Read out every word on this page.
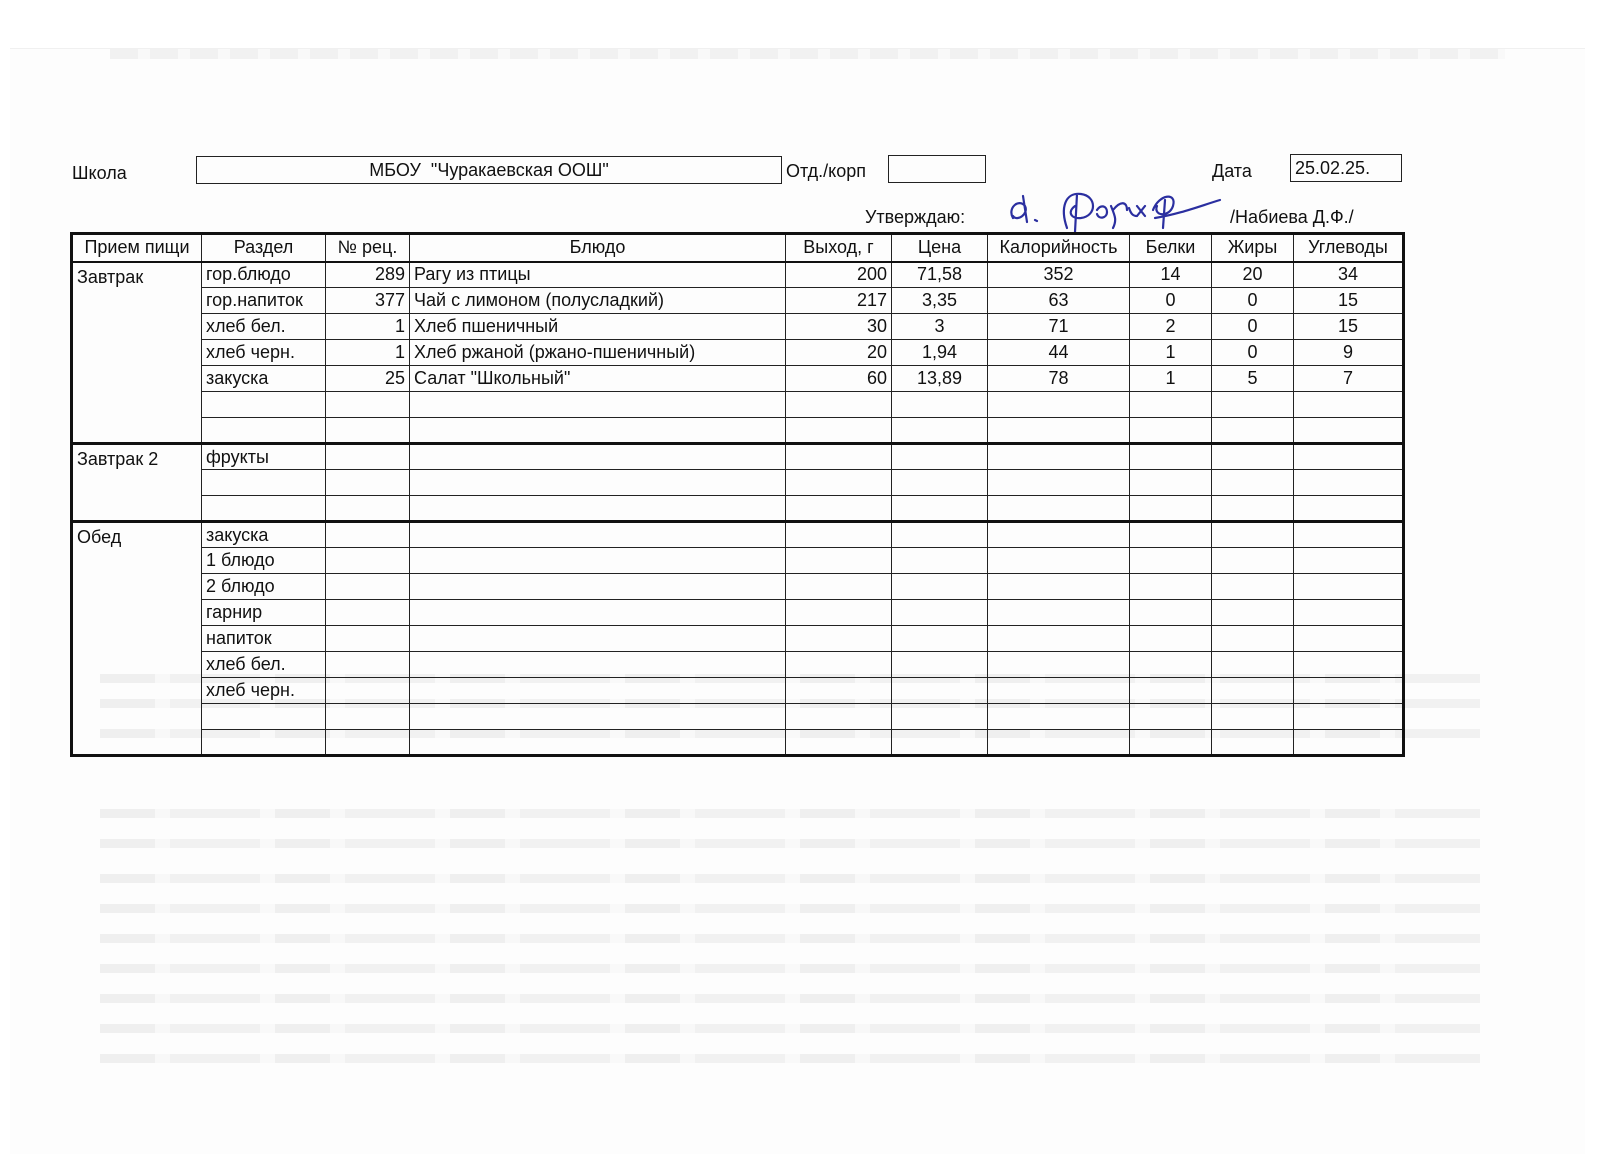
Школа	МБОУ  "Чуракаевская ООШ"	Отд./корп	Дата 25.02.25.
Утверждаю:	/Набиева Д.Ф./
Прием пищи	Раздел	№ рец.	Блюдо	Выход, г	Цена	Калорийность	Белки	Жиры	Углеводы
Завтрак	гор.блюдо	289	Рагу из птицы	200	71,58	352	14	20	34
	гор.напиток	377	Чай с лимоном (полусладкий)	217	3,35	63	0	0	15
	хлеб бел.	1	Хлеб пшеничный	30	3	71	2	0	15
	хлеб черн.	1	Хлеб ржаной (ржано-пшеничный)	20	1,94	44	1	0	9
	закуска	25	Салат "Школьный"	60	13,89	78	1	5	7

Завтрак 2	фрукты								

Обед	закуска								
	1 блюдо								
	2 блюдо								
	гарнир								
	напиток								
	хлеб бел.								
	хлеб черн.								
